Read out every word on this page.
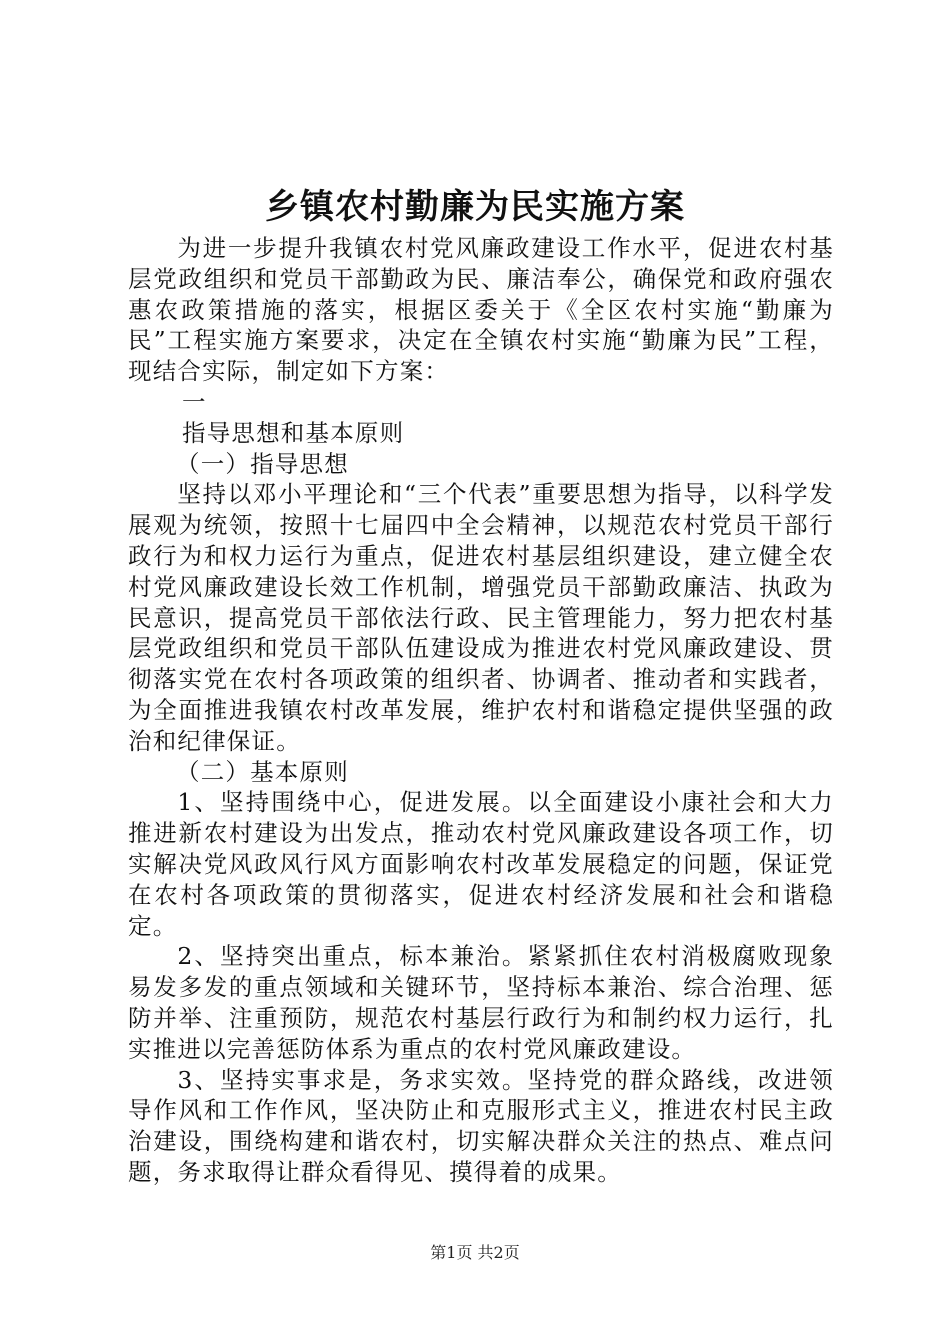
乡镇农村勤廉为民实施方案

为进一步提升我镇农村党风廉政建设工作水平，促进农村基层党政组织和党员干部勤政为民、廉洁奉公，确保党和政府强农惠农政策措施的落实，根据区委关于《全区农村实施“勤廉为民”工程实施方案要求，决定在全镇农村实施“勤廉为民”工程，现结合实际，制定如下方案：

一

指导思想和基本原则

（一）指导思想

坚持以邓小平理论和“三个代表”重要思想为指导，以科学发展观为统领，按照十七届四中全会精神，以规范农村党员干部行政行为和权力运行为重点，促进农村基层组织建设，建立健全农村党风廉政建设长效工作机制，增强党员干部勤政廉洁、执政为民意识，提高党员干部依法行政、民主管理能力，努力把农村基层党政组织和党员干部队伍建设成为推进农村党风廉政建设、贯彻落实党在农村各项政策的组织者、协调者、推动者和实践者，为全面推进我镇农村改革发展，维护农村和谐稳定提供坚强的政治和纪律保证。

（二）基本原则

1、坚持围绕中心，促进发展。以全面建设小康社会和大力推进新农村建设为出发点，推动农村党风廉政建设各项工作，切实解决党风政风行风方面影响农村改革发展稳定的问题，保证党在农村各项政策的贯彻落实，促进农村经济发展和社会和谐稳定。

2、坚持突出重点，标本兼治。紧紧抓住农村消极腐败现象易发多发的重点领域和关键环节，坚持标本兼治、综合治理、惩防并举、注重预防，规范农村基层行政行为和制约权力运行，扎实推进以完善惩防体系为重点的农村党风廉政建设。

3、坚持实事求是，务求实效。坚持党的群众路线，改进领导作风和工作作风，坚决防止和克服形式主义，推进农村民主政治建设，围绕构建和谐农村，切实解决群众关注的热点、难点问题，务求取得让群众看得见、摸得着的成果。

第1页 共2页
